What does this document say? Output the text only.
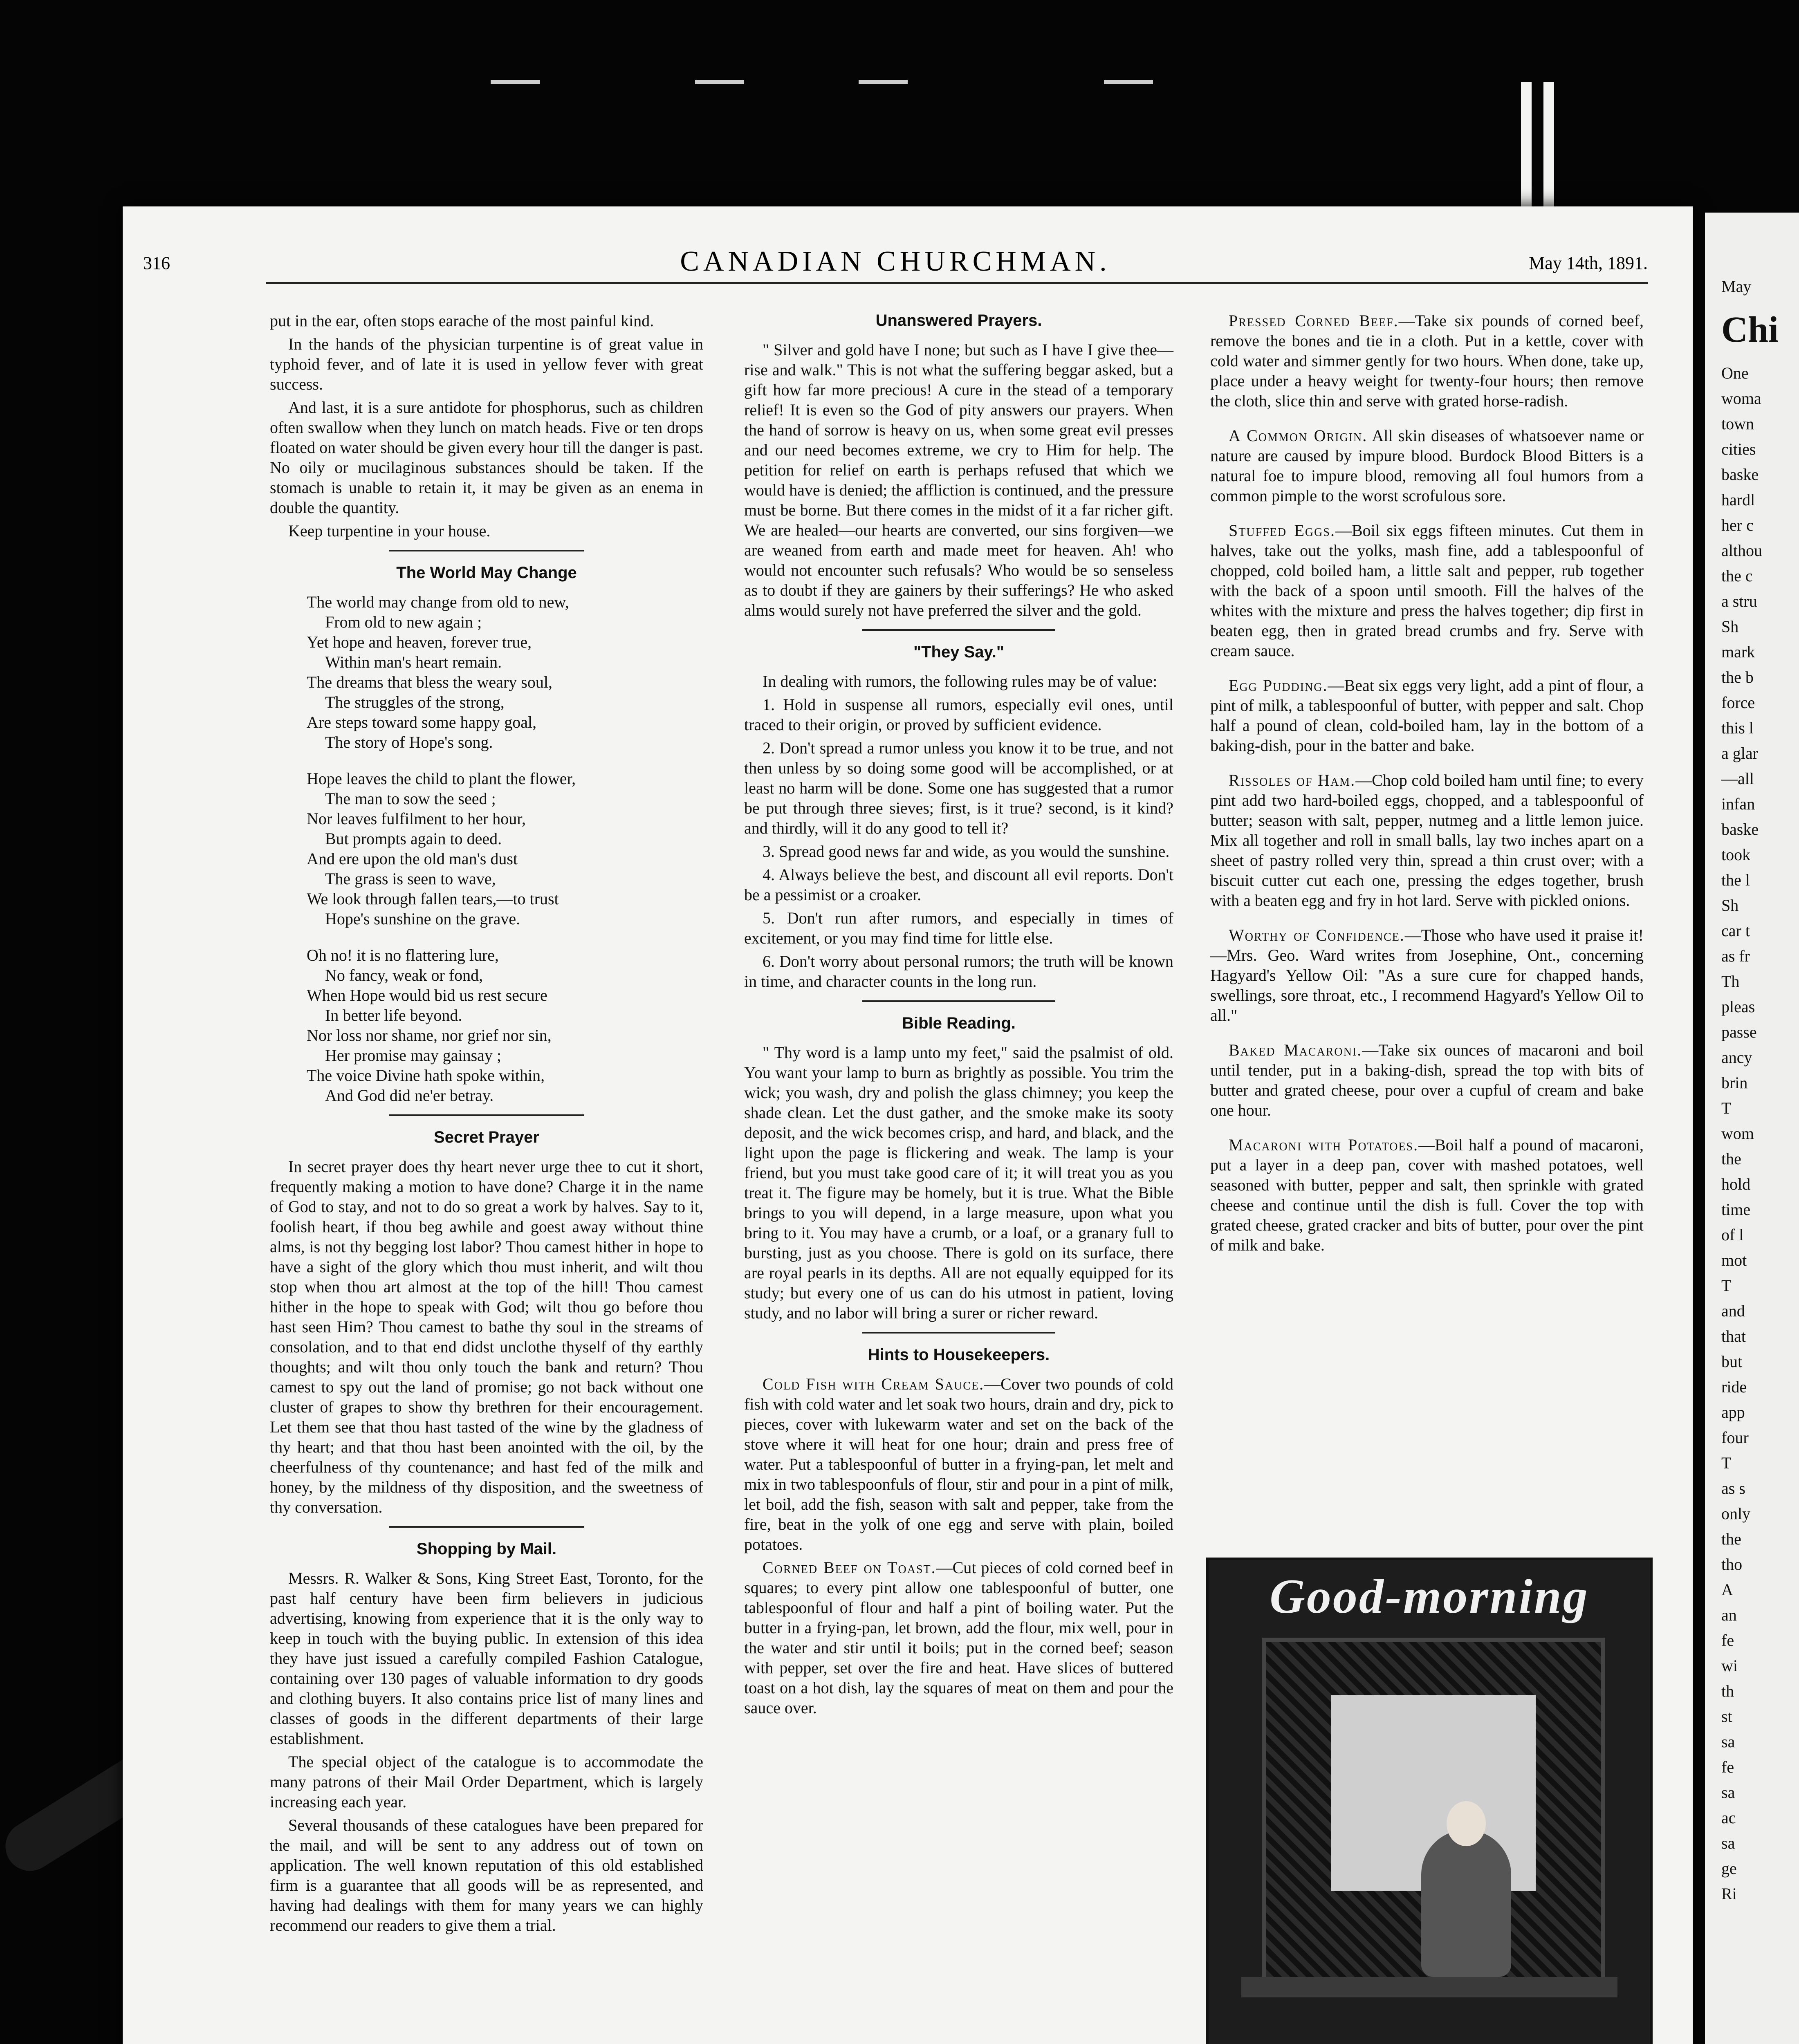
316	CANADIAN CHURCHMAN.	May 14th, 1891.

put in the ear, often stops earache of the most painful kind.

In the hands of the physician turpentine is of great value in typhoid fever, and of late it is used in yellow fever with great success.

And last, it is a sure antidote for phosphorus, such as children often swallow when they lunch on match heads. Five or ten drops floated on water should be given every hour till the danger is past. No oily or mucilaginous substances should be taken. If the stomach is unable to retain it, it may be given as an enema in double the quantity.

Keep turpentine in your house.

The World May Change

The world may change from old to new,

From old to new again ;

Yet hope and heaven, forever true,

Within man's heart remain.

The dreams that bless the weary soul,

The struggles of the strong,

Are steps toward some happy goal,

The story of Hope's song.

Hope leaves the child to plant the flower,

The man to sow the seed ;

Nor leaves fulfilment to her hour,

But prompts again to deed.

And ere upon the old man's dust

The grass is seen to wave,

We look through fallen tears,—to trust

Hope's sunshine on the grave.

Oh no! it is no flattering lure,

No fancy, weak or fond,

When Hope would bid us rest secure

In better life beyond.

Nor loss nor shame, nor grief nor sin,

Her promise may gainsay ;

The voice Divine hath spoke within,

And God did ne'er betray.

Secret Prayer

In secret prayer does thy heart never urge thee to cut it short, frequently making a motion to have done? Charge it in the name of God to stay, and not to do so great a work by halves. Say to it, foolish heart, if thou beg awhile and goest away without thine alms, is not thy begging lost labor? Thou camest hither in hope to have a sight of the glory which thou must inherit, and wilt thou stop when thou art almost at the top of the hill! Thou camest hither in the hope to speak with God; wilt thou go before thou hast seen Him? Thou camest to bathe thy soul in the streams of consolation, and to that end didst unclothe thyself of thy earthly thoughts; and wilt thou only touch the bank and return? Thou camest to spy out the land of promise; go not back without one cluster of grapes to show thy brethren for their encouragement. Let them see that thou hast tasted of the wine by the gladness of thy heart; and that thou hast been anointed with the oil, by the cheerfulness of thy countenance; and hast fed of the milk and honey, by the mildness of thy disposition, and the sweetness of thy conversation.

Shopping by Mail.

Messrs. R. Walker & Sons, King Street East, Toronto, for the past half century have been firm believers in judicious advertising, knowing from experience that it is the only way to keep in touch with the buying public. In extension of this idea they have just issued a carefully compiled Fashion Catalogue, containing over 130 pages of valuable information to dry goods and clothing buyers. It also contains price list of many lines and classes of goods in the different departments of their large establishment.

The special object of the catalogue is to accommodate the many patrons of their Mail Order Department, which is largely increasing each year.

Several thousands of these catalogues have been prepared for the mail, and will be sent to any address out of town on application. The well known reputation of this old established firm is a guarantee that all goods will be as represented, and having had dealings with them for many years we can highly recommend our readers to give them a trial.

Unanswered Prayers.

" Silver and gold have I none; but such as I have I give thee—rise and walk." This is not what the suffering beggar asked, but a gift how far more precious! A cure in the stead of a temporary relief! It is even so the God of pity answers our prayers. When the hand of sorrow is heavy on us, when some great evil presses and our need becomes extreme, we cry to Him for help. The petition for relief on earth is perhaps refused that which we would have is denied; the affliction is continued, and the pressure must be borne. But there comes in the midst of it a far richer gift. We are healed—our hearts are converted, our sins forgiven—we are weaned from earth and made meet for heaven. Ah! who would not encounter such refusals? Who would be so senseless as to doubt if they are gainers by their sufferings? He who asked alms would surely not have preferred the silver and the gold.

"They Say."

In dealing with rumors, the following rules may be of value:

1. Hold in suspense all rumors, especially evil ones, until traced to their origin, or proved by sufficient evidence.

2. Don't spread a rumor unless you know it to be true, and not then unless by so doing some good will be accomplished, or at least no harm will be done. Some one has suggested that a rumor be put through three sieves; first, is it true? second, is it kind? and thirdly, will it do any good to tell it?

3. Spread good news far and wide, as you would the sunshine.

4. Always believe the best, and discount all evil reports. Don't be a pessimist or a croaker.

5. Don't run after rumors, and especially in times of excitement, or you may find time for little else.

6. Don't worry about personal rumors; the truth will be known in time, and character counts in the long run.

Bible Reading.

" Thy word is a lamp unto my feet," said the psalmist of old. You want your lamp to burn as brightly as possible. You trim the wick; you wash, dry and polish the glass chimney; you keep the shade clean. Let the dust gather, and the smoke make its sooty deposit, and the wick becomes crisp, and hard, and black, and the light upon the page is flickering and weak. The lamp is your friend, but you must take good care of it; it will treat you as you treat it. The figure may be homely, but it is true. What the Bible brings to you will depend, in a large measure, upon what you bring to it. You may have a crumb, or a loaf, or a granary full to bursting, just as you choose. There is gold on its surface, there are royal pearls in its depths. All are not equally equipped for its study; but every one of us can do his utmost in patient, loving study, and no labor will bring a surer or richer reward.

Hints to Housekeepers.

Cold Fish with Cream Sauce.—Cover two pounds of cold fish with cold water and let soak two hours, drain and dry, pick to pieces, cover with lukewarm water and set on the back of the stove where it will heat for one hour; drain and press free of water. Put a tablespoonful of butter in a frying-pan, let melt and mix in two tablespoonfuls of flour, stir and pour in a pint of milk, let boil, add the fish, season with salt and pepper, take from the fire, beat in the yolk of one egg and serve with plain, boiled potatoes.

Corned Beef on Toast.—Cut pieces of cold corned beef in squares; to every pint allow one tablespoonful of butter, one tablespoonful of flour and half a pint of boiling water. Put the butter in a frying-pan, let brown, add the flour, mix well, pour in the water and stir until it boils; put in the corned beef; season with pepper, set over the fire and heat. Have slices of buttered toast on a hot dish, lay the squares of meat on them and pour the sauce over.

Pressed Corned Beef.—Take six pounds of corned beef, remove the bones and tie in a cloth. Put in a kettle, cover with cold water and simmer gently for two hours. When done, take up, place under a heavy weight for twenty-four hours; then remove the cloth, slice thin and serve with grated horse-radish.

A Common Origin. All skin diseases of whatsoever name or nature are caused by impure blood. Burdock Blood Bitters is a natural foe to impure blood, removing all foul humors from a common pimple to the worst scrofulous sore.

Stuffed Eggs.—Boil six eggs fifteen minutes. Cut them in halves, take out the yolks, mash fine, add a tablespoonful of chopped, cold boiled ham, a little salt and pepper, rub together with the back of a spoon until smooth. Fill the halves of the whites with the mixture and press the halves together; dip first in beaten egg, then in grated bread crumbs and fry. Serve with cream sauce.

Egg Pudding.—Beat six eggs very light, add a pint of flour, a pint of milk, a tablespoonful of butter, with pepper and salt. Chop half a pound of clean, cold-boiled ham, lay in the bottom of a baking-dish, pour in the batter and bake.

Rissoles of Ham.—Chop cold boiled ham until fine; to every pint add two hard-boiled eggs, chopped, and a tablespoonful of butter; season with salt, pepper, nutmeg and a little lemon juice. Mix all together and roll in small balls, lay two inches apart on a sheet of pastry rolled very thin, spread a thin crust over; with a biscuit cutter cut each one, pressing the edges together, brush with a beaten egg and fry in hot lard. Serve with pickled onions.

Worthy of Confidence.—Those who have used it praise it!—Mrs. Geo. Ward writes from Josephine, Ont., concerning Hagyard's Yellow Oil: "As a sure cure for chapped hands, swellings, sore throat, etc., I recommend Hagyard's Yellow Oil to all."

Baked Macaroni.—Take six ounces of macaroni and boil until tender, put in a baking-dish, spread the top with bits of butter and grated cheese, pour over a cupful of cream and bake one hour.

Macaroni with Potatoes.—Boil half a pound of macaroni, put a layer in a deep pan, cover with mashed potatoes, well seasoned with butter, pepper and salt, then sprinkle with grated cheese and continue until the dish is full. Cover the top with grated cheese, grated cracker and bits of butter, pour over the pint of milk and bake.

Good-morning

May

Chi

One

woma

town

cities

baske

hardl

her c

althou

the c

a stru

Sh

mark

the b

force

this l

a glar

—all

infan

baske

took

the l

Sh

car t

as fr

Th

pleas

passe

ancy

brin

T

wom

the

hold

time

of l

mot

T

and

that

but

ride

app

four

T

as s

only

the

tho

A

an

fe

wi

th

st

sa

fe

sa

ac

sa

ge

Ri
